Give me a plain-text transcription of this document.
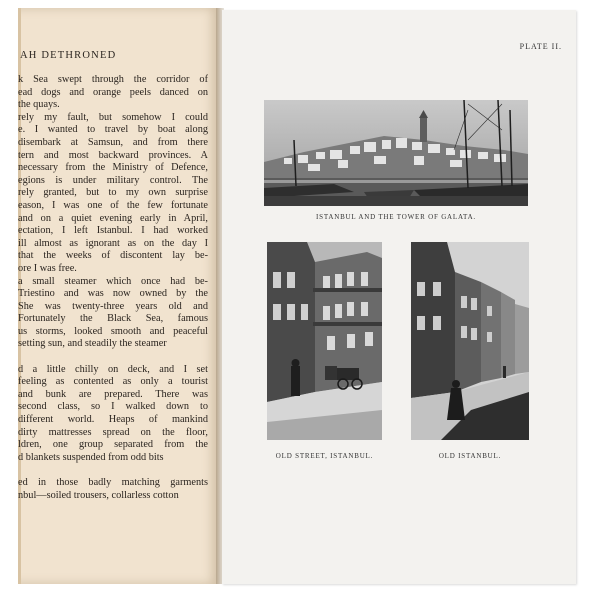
AH DETHRONED
k Sea swept through the corridor of
ead dogs and orange peels danced on
the quays.
rely my fault, but somehow I could
e. I wanted to travel by boat along
disembark at Samsun, and from there
tern and most backward provinces. A
necessary from the Ministry of Defence,
egions is under military control. The
rely granted, but to my own surprise
eason, I was one of the few fortunate
and on a quiet evening early in April,
ectation, I left Istanbul. I had worked
ill almost as ignorant as on the day I
that the weeks of discontent lay be-
ore I was free.
a small steamer which once had be-
Triestino and was now owned by the
She was twenty-three years old and
Fortunately the Black Sea, famous
us storms, looked smooth and peaceful
setting sun, and steadily the steamer
d a little chilly on deck, and I set
feeling as contented as only a tourist
and bunk are prepared. There was
second class, so I walked down to
different world. Heaps of mankind
dirty mattresses spread on the floor,
ldren, one group separated from the
d blankets suspended from odd bits
ed in those badly matching garments
nbul—soiled trousers, collarless cotton
PLATE II.
ISTANBUL AND THE TOWER OF GALATA.
OLD STREET, ISTANBUL.	OLD ISTANBUL.
